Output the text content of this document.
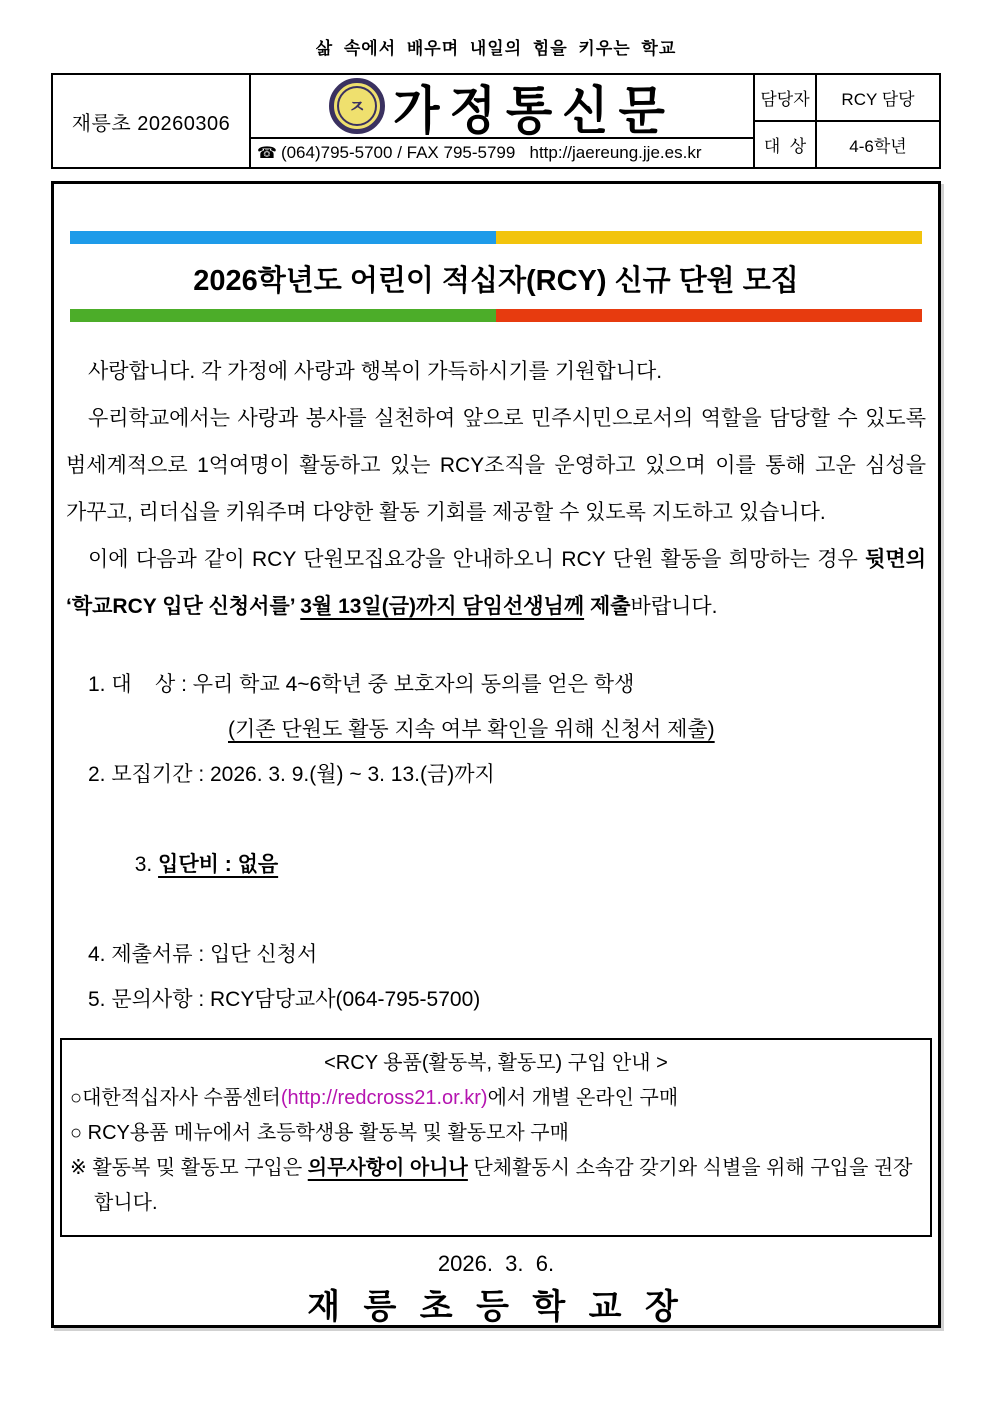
삶 속에서 배우며 내일의 힘을 키우는 학교
재릉초 20260306
ㅈ 가정통신문
☎ (064)795-5700 / FAX 795-5799   http://jaereung.jje.es.kr
담당자	RCY 담당
대  상	4-6학년
2026학년도 어린이 적십자(RCY) 신규 단원 모집
사랑합니다. 각 가정에 사랑과 행복이 가득하시기를 기원합니다.
우리학교에서는 사랑과 봉사를 실천하여 앞으로 민주시민으로서의 역할을 담당할 수 있도록 범세계적으로 1억여명이 활동하고 있는 RCY조직을 운영하고 있으며 이를 통해 고운 심성을 가꾸고, 리더십을 키워주며 다양한 활동 기회를 제공할 수 있도록 지도하고 있습니다.
이에 다음과 같이 RCY 단원모집요강을 안내하오니 RCY 단원 활동을 희망하는 경우 뒷면의 ‘학교RCY 입단 신청서를’ 3월 13일(금)까지 담임선생님께 제출바랍니다.
1. 대    상 : 우리 학교 4~6학년 중 보호자의 동의를 얻은 학생
(기존 단원도 활동 지속 여부 확인을 위해 신청서 제출)
2. 모집기간 : 2026. 3. 9.(월) ~ 3. 13.(금)까지

3. 입단비 : 없음

4. 제출서류 : 입단 신청서
5. 문의사항 : RCY담당교사(064-795-5700)
<RCY 용품(활동복, 활동모) 구입 안내 >
○대한적십자사 수품센터(http://redcross21.or.kr)에서 개별 온라인 구매
○ RCY용품 메뉴에서 초등학생용 활동복 및 활동모자 구매
※ 활동복 및 활동모 구입은 의무사항이 아니나 단체활동시 소속감 갖기와 식별을 위해 구입을 권장합니다.
2026.  3.  6.
재 릉 초 등 학 교 장
